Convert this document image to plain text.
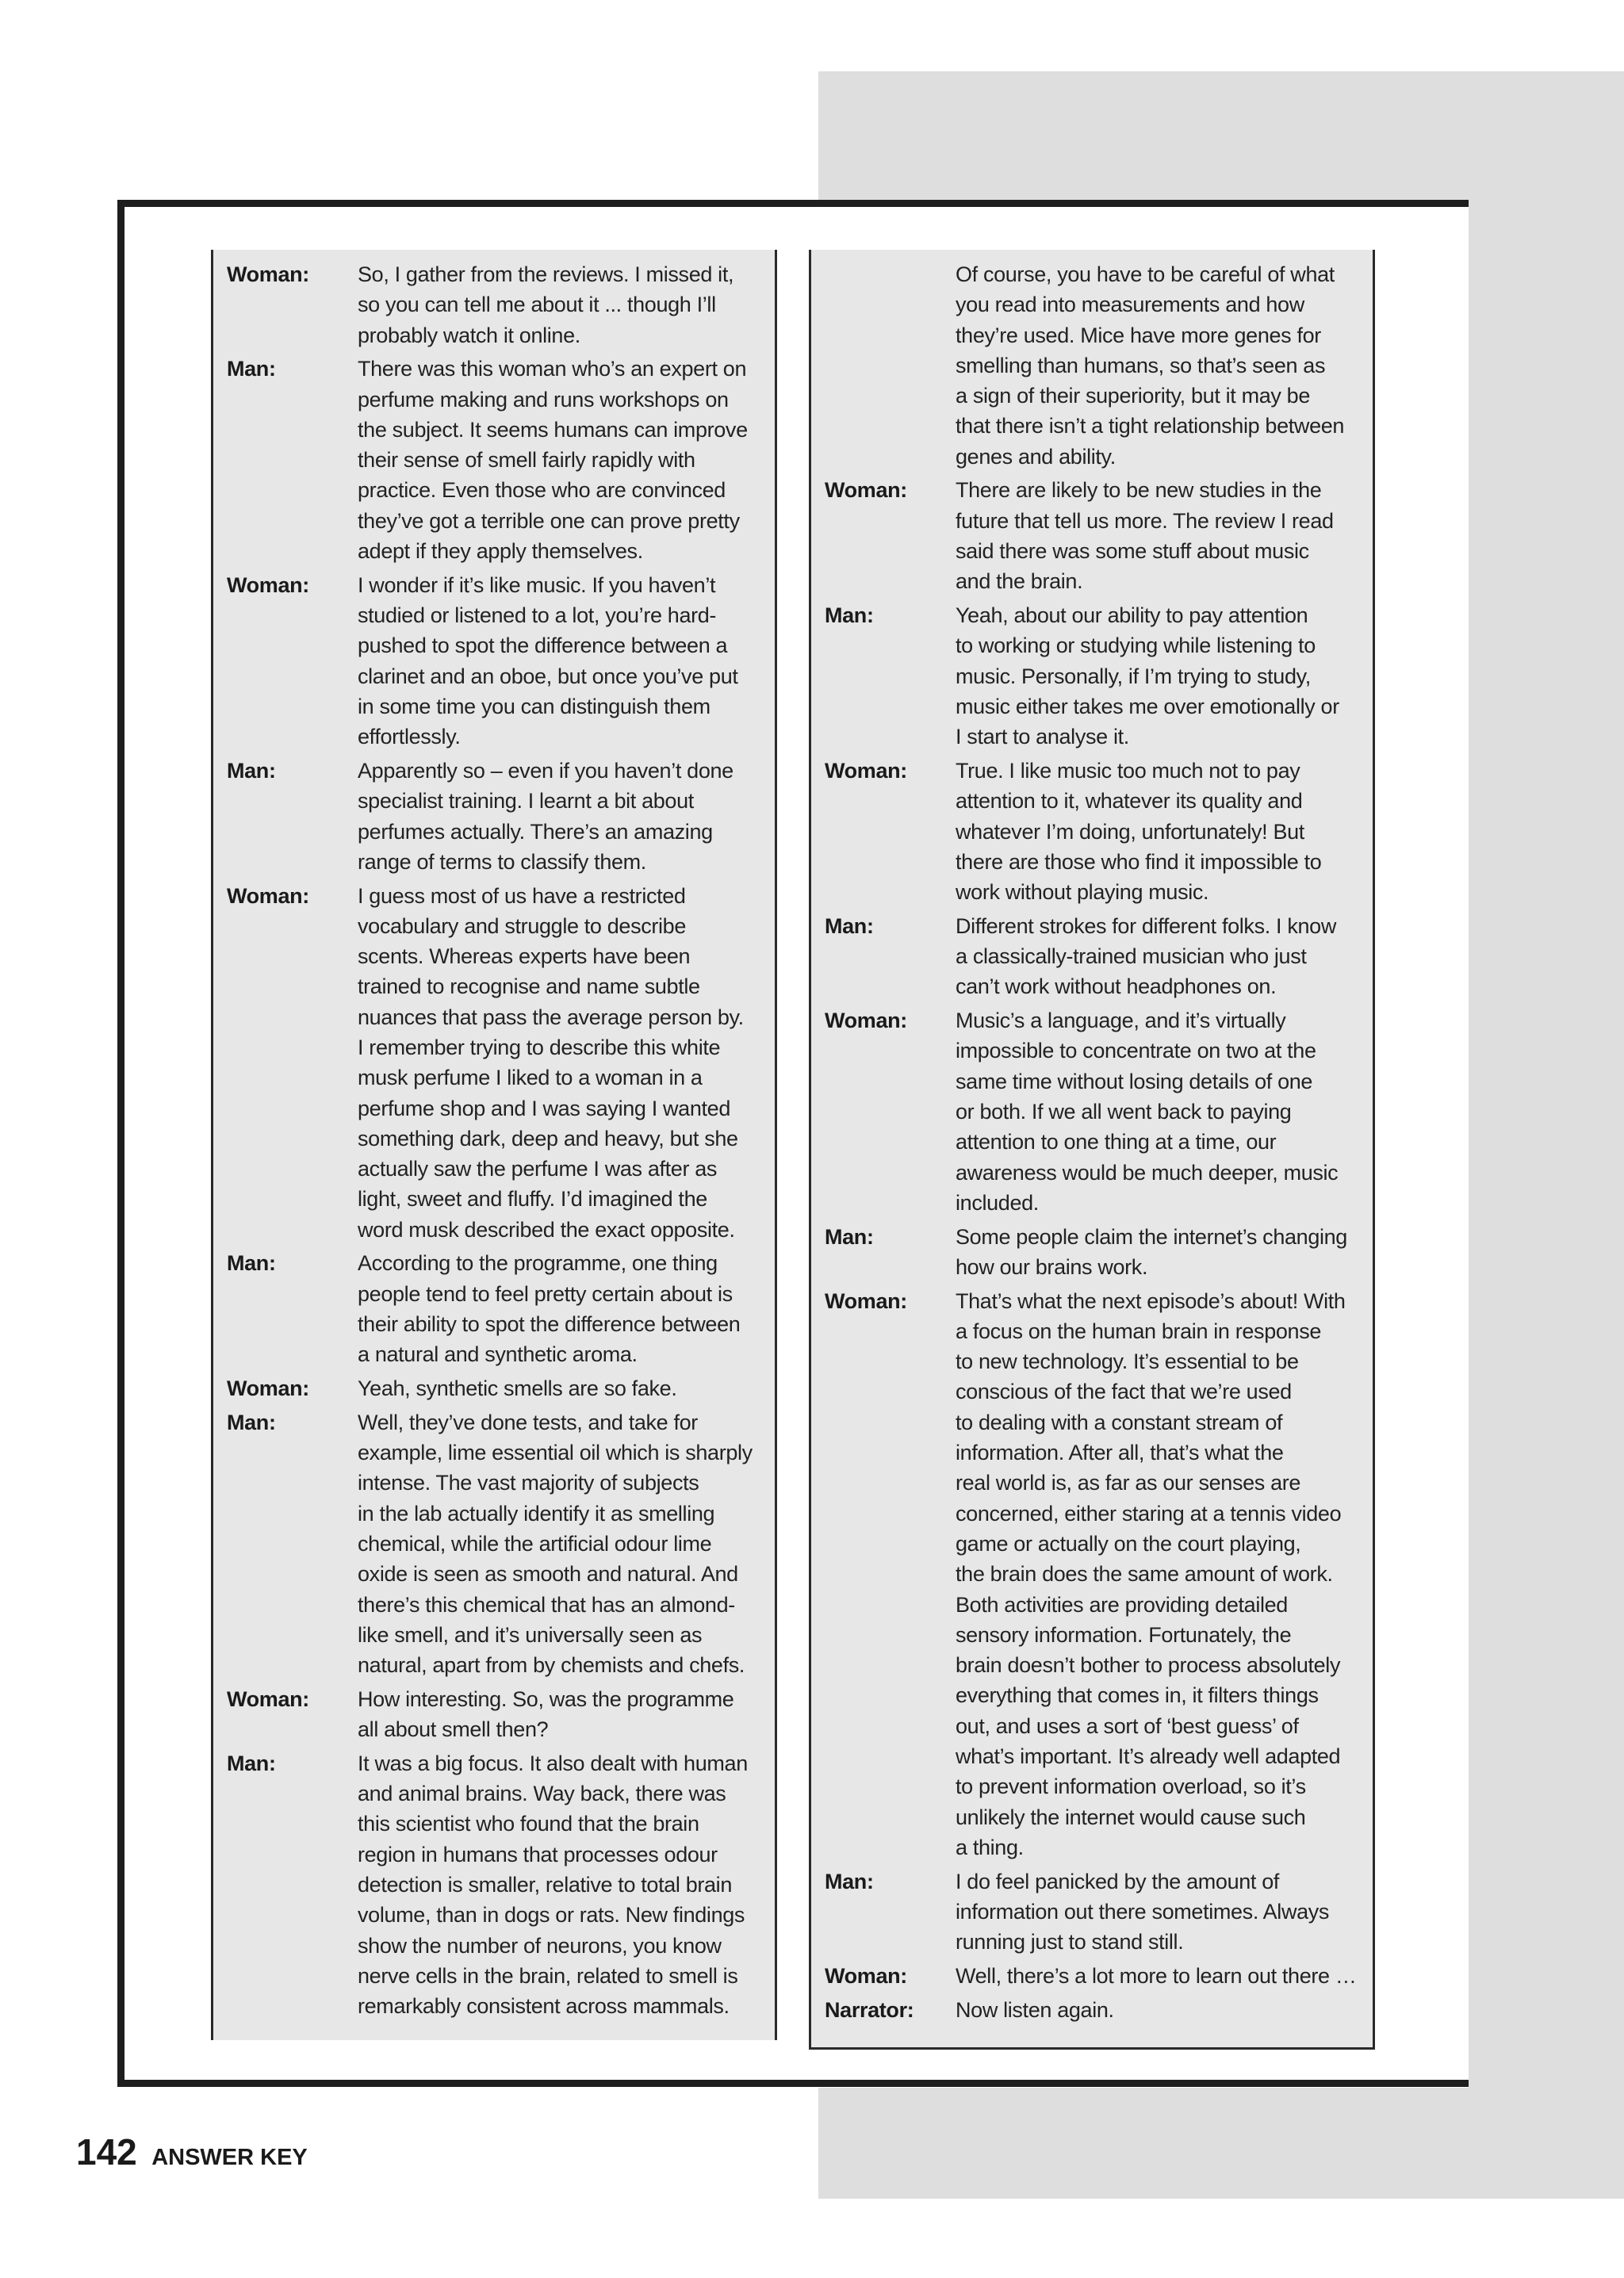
Woman: So, I gather from the reviews. I missed it,
so you can tell me about it ... though I’ll
probably watch it online.
Man:	There was this woman who’s an expert on
perfume making and runs workshops on
the subject. It seems humans can improve
their sense of smell fairly rapidly with
practice. Even those who are convinced
they’ve got a terrible one can prove pretty
adept if they apply themselves.
Woman: I wonder if it’s like music. If you haven’t
studied or listened to a lot, you’re hard-
pushed to spot the difference between a
clarinet and an oboe, but once you’ve put
in some time you can distinguish them
effortlessly.
Man:	Apparently so – even if you haven’t done
specialist training. I learnt a bit about
perfumes actually. There’s an amazing
range of terms to classify them.
Woman: I guess most of us have a restricted
vocabulary and struggle to describe
scents. Whereas experts have been
trained to recognise and name subtle
nuances that pass the average person by.
I remember trying to describe this white
musk perfume I liked to a woman in a
perfume shop and I was saying I wanted
something dark, deep and heavy, but she
actually saw the perfume I was after as
light, sweet and fluffy. I’d imagined the
word musk described the exact opposite.
Man:	According to the programme, one thing
people tend to feel pretty certain about is
their ability to spot the difference between
a natural and synthetic aroma.
Woman: Yeah, synthetic smells are so fake.
Man:	Well, they’ve done tests, and take for
example, lime essential oil which is sharply
intense. The vast majority of subjects
in the lab actually identify it as smelling
chemical, while the artificial odour lime
oxide is seen as smooth and natural. And
there’s this chemical that has an almond-
like smell, and it’s universally seen as
natural, apart from by chemists and chefs.
Woman: How interesting. So, was the programme
all about smell then?
Man:	It was a big focus. It also dealt with human
and animal brains. Way back, there was
this scientist who found that the brain
region in humans that processes odour
detection is smaller, relative to total brain
volume, than in dogs or rats. New findings
show the number of neurons, you know
nerve cells in the brain, related to smell is
remarkably consistent across mammals.
Of course, you have to be careful of what
you read into measurements and how
they’re used. Mice have more genes for
smelling than humans, so that’s seen as
a sign of their superiority, but it may be
that there isn’t a tight relationship between
genes and ability.
Woman: There are likely to be new studies in the
future that tell us more. The review I read
said there was some stuff about music
and the brain.
Man:	Yeah, about our ability to pay attention
to working or studying while listening to
music. Personally, if I’m trying to study,
music either takes me over emotionally or
I start to analyse it.
Woman: True. I like music too much not to pay
attention to it, whatever its quality and
whatever I’m doing, unfortunately! But
there are those who find it impossible to
work without playing music.
Man:	Different strokes for different folks. I know
a classically-trained musician who just
can’t work without headphones on.
Woman: Music’s a language, and it’s virtually
impossible to concentrate on two at the
same time without losing details of one
or both. If we all went back to paying
attention to one thing at a time, our
awareness would be much deeper, music
included.
Man:	Some people claim the internet’s changing
how our brains work.
Woman: That’s what the next episode’s about! With
a focus on the human brain in response
to new technology. It’s essential to be
conscious of the fact that we’re used
to dealing with a constant stream of
information. After all, that’s what the
real world is, as far as our senses are
concerned, either staring at a tennis video
game or actually on the court playing,
the brain does the same amount of work.
Both activities are providing detailed
sensory information. Fortunately, the
brain doesn’t bother to process absolutely
everything that comes in, it filters things
out, and uses a sort of ‘best guess’ of
what’s important. It’s already well adapted
to prevent information overload, so it’s
unlikely the internet would cause such
a thing.
Man:	I do feel panicked by the amount of
information out there sometimes. Always
running just to stand still.
Woman: Well, there’s a lot more to learn out there …
Narrator: Now listen again.
142 ANSWER KEY
